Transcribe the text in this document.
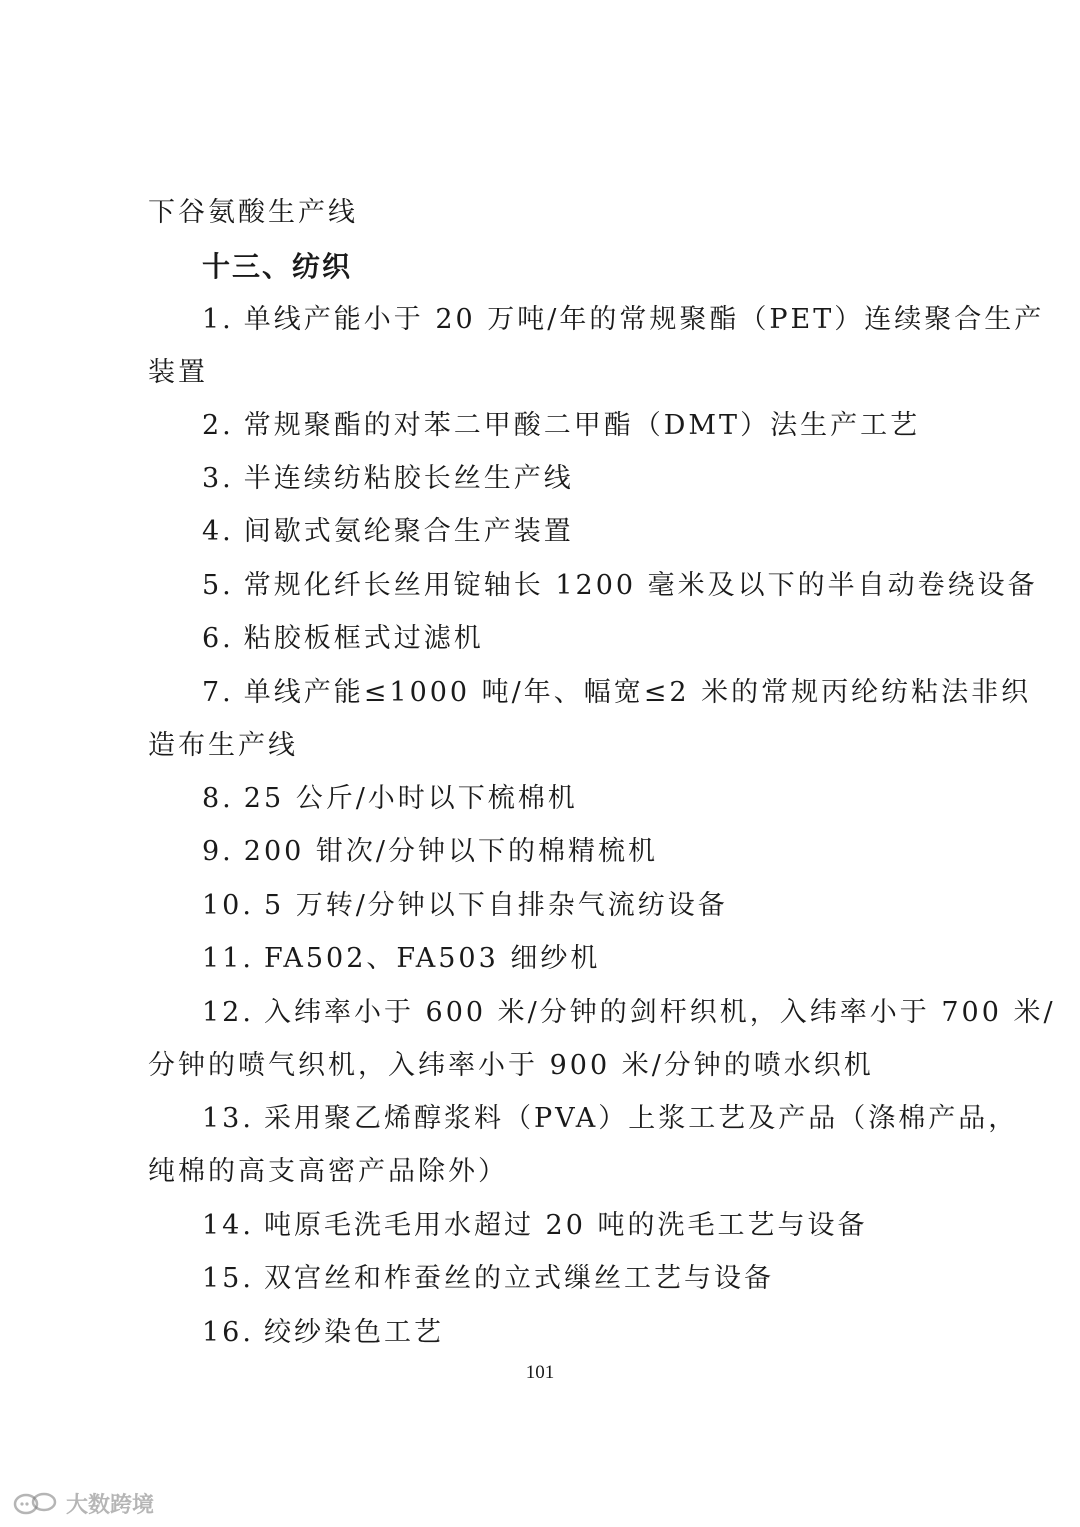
下谷氨酸生产线
十三、纺织
1. 单线产能小于 20 万吨/年的常规聚酯（PET）连续聚合生产
装置
2. 常规聚酯的对苯二甲酸二甲酯（DMT）法生产工艺
3. 半连续纺粘胶长丝生产线
4. 间歇式氨纶聚合生产装置
5. 常规化纤长丝用锭轴长 1200 毫米及以下的半自动卷绕设备
6. 粘胶板框式过滤机
7. 单线产能≤1000 吨/年、幅宽≤2 米的常规丙纶纺粘法非织
造布生产线
8. 25 公斤/小时以下梳棉机
9. 200 钳次/分钟以下的棉精梳机
10. 5 万转/分钟以下自排杂气流纺设备
11. FA502、FA503 细纱机
12. 入纬率小于 600 米/分钟的剑杆织机，入纬率小于 700 米/
分钟的喷气织机，入纬率小于 900 米/分钟的喷水织机
13. 采用聚乙烯醇浆料（PVA）上浆工艺及产品（涤棉产品，
纯棉的高支高密产品除外）
14. 吨原毛洗毛用水超过 20 吨的洗毛工艺与设备
15. 双宫丝和柞蚕丝的立式缫丝工艺与设备
16. 绞纱染色工艺
101
大数跨境
